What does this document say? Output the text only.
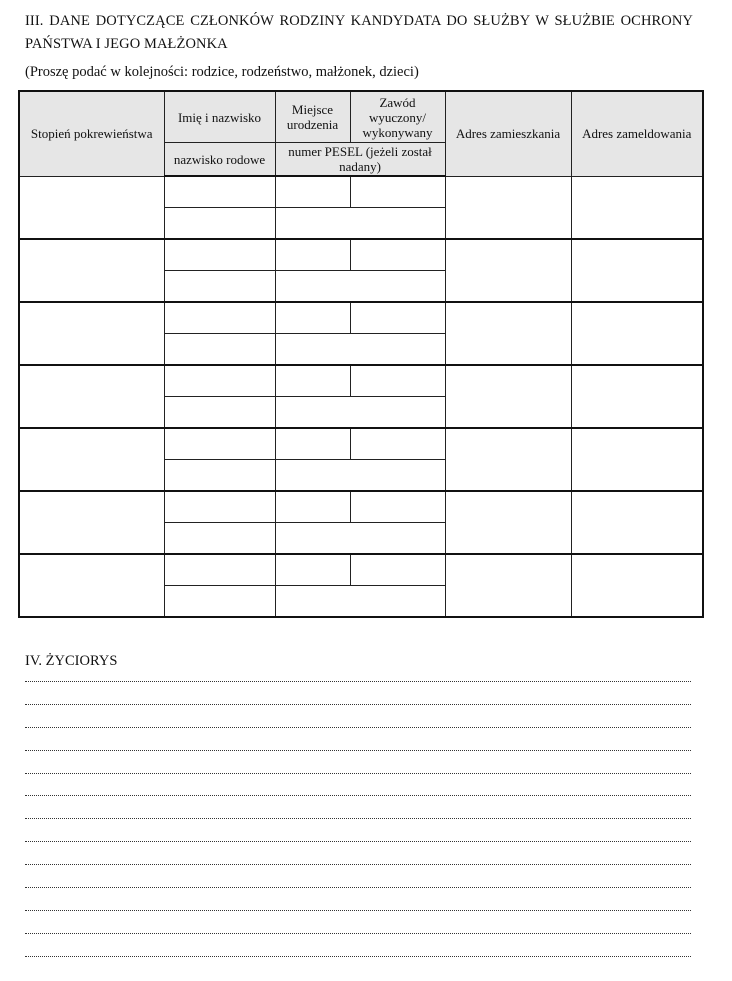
III. DANE DOTYCZĄCE CZŁONKÓW RODZINY KANDYDATA DO SŁUŻBY W SŁUŻBIE OCHRONY PAŃSTWA I JEGO MAŁŻONKA
(Proszę podać w kolejności: rodzice, rodzeństwo, małżonek, dzieci)
Stopień pokrewieństwa	Imię i nazwisko	Miejsce urodzenia	Zawód wyuczony/ wykonywany	Adres zamieszkania	Adres zameldowania
	nazwisko rodowe	numer PESEL (jeżeli został nadany)			

IV. ŻYCIORYS
